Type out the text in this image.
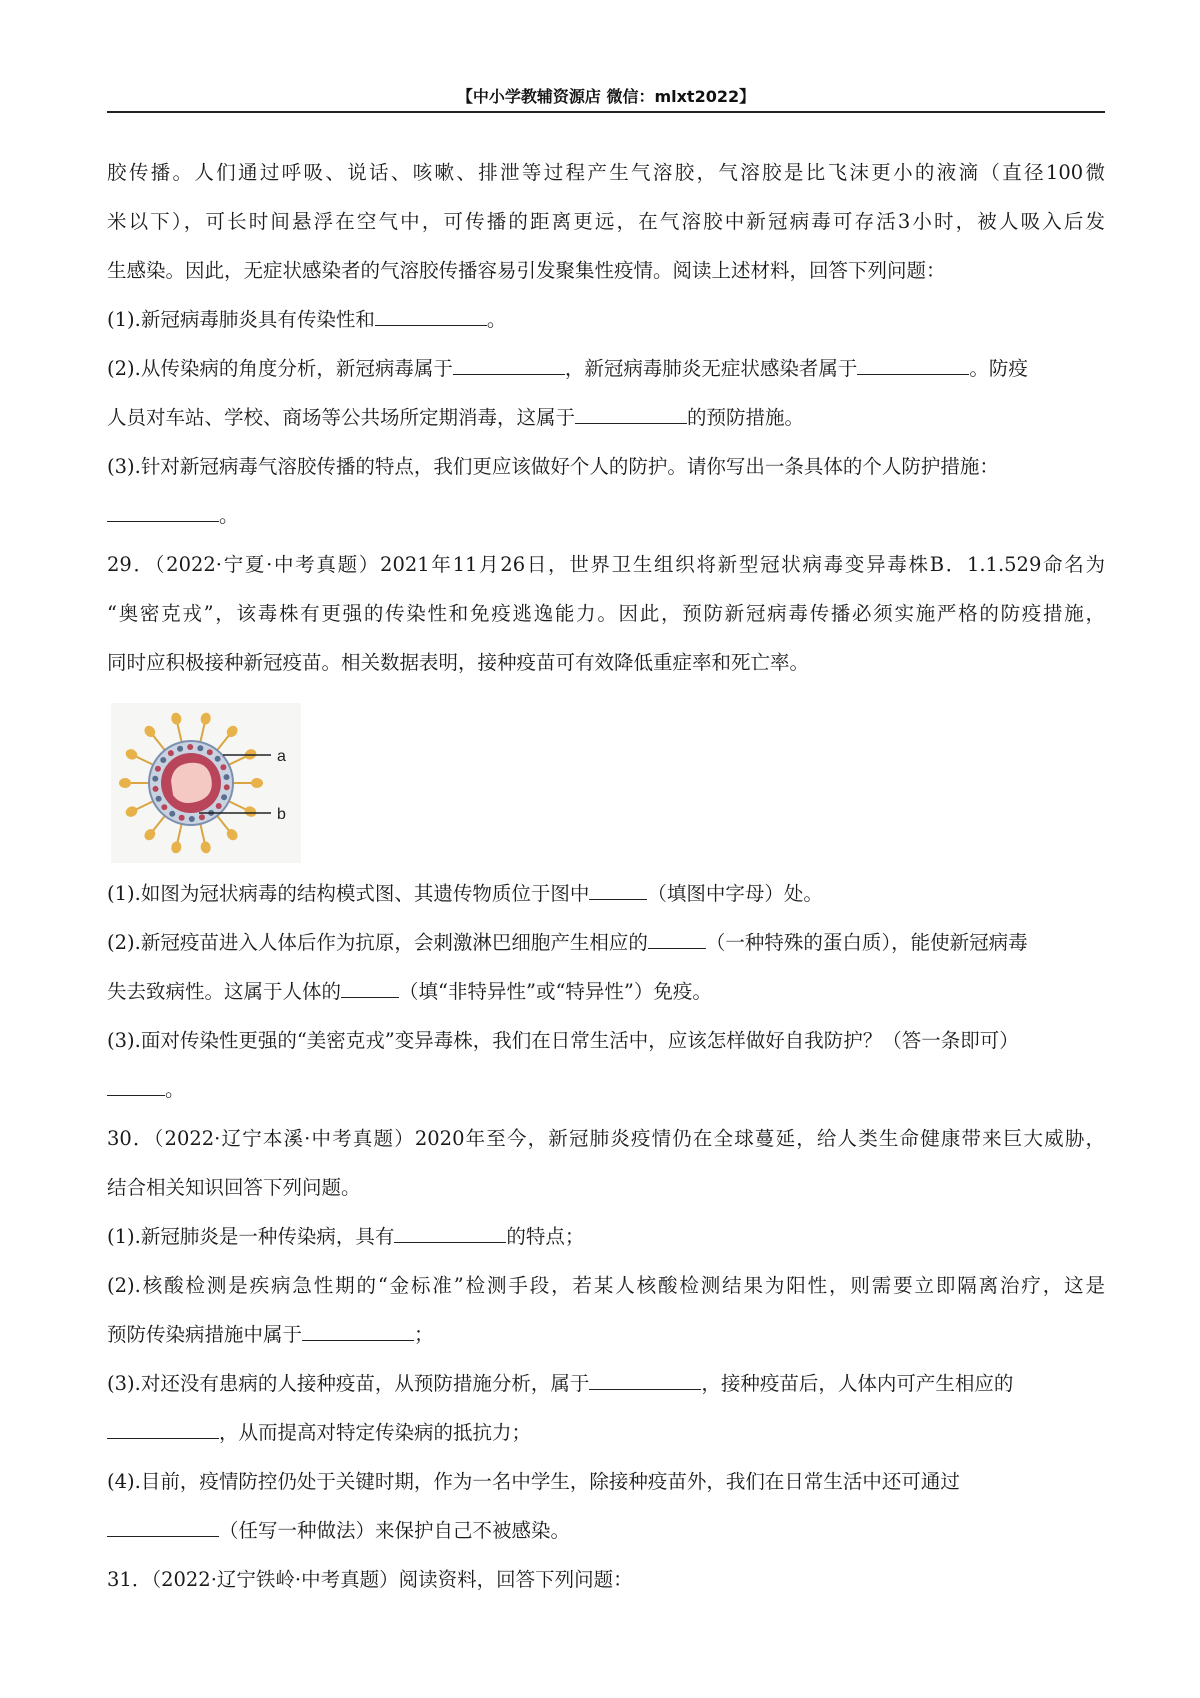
【中小学教辅资源店 微信：mlxt2022】
胶传播。人们通过呼吸、说话、咳嗽、排泄等过程产生气溶胶，气溶胶是比飞沫更小的液滴（直径100微
米以下），可长时间悬浮在空气中，可传播的距离更远，在气溶胶中新冠病毒可存活3小时，被人吸入后发
生感染。因此，无症状感染者的气溶胶传播容易引发聚集性疫情。阅读上述材料，回答下列问题：
(1).新冠病毒肺炎具有传染性和	。
(2).从传染病的角度分析，新冠病毒属于	，新冠病毒肺炎无症状感染者属于	。防疫
人员对车站、学校、商场等公共场所定期消毒，这属于	的预防措施。
(3).针对新冠病毒气溶胶传播的特点，我们更应该做好个人的防护。请你写出一条具体的个人防护措施：
。
29．（2022·宁夏·中考真题）2021年11月26日，世界卫生组织将新型冠状病毒变异毒株B．1.1.529命名为
“奥密克戎”，该毒株有更强的传染性和免疫逃逸能力。因此，预防新冠病毒传播必须实施严格的防疫措施，
同时应积极接种新冠疫苗。相关数据表明，接种疫苗可有效降低重症率和死亡率。
a
b
(1).如图为冠状病毒的结构模式图、其遗传物质位于图中	（填图中字母）处。
(2).新冠疫苗进入人体后作为抗原，会刺激淋巴细胞产生相应的	（一种特殊的蛋白质），能使新冠病毒
失去致病性。这属于人体的	（填“非特异性”或“特异性”）免疫。
(3).面对传染性更强的“美密克戎”变异毒株，我们在日常生活中，应该怎样做好自我防护？（答一条即可）
。
30．（2022·辽宁本溪·中考真题）2020年至今，新冠肺炎疫情仍在全球蔓延，给人类生命健康带来巨大威胁，
结合相关知识回答下列问题。
(1).新冠肺炎是一种传染病，具有	的特点；
(2).核酸检测是疾病急性期的“金标准”检测手段，若某人核酸检测结果为阳性，则需要立即隔离治疗，这是
预防传染病措施中属于	；
(3).对还没有患病的人接种疫苗，从预防措施分析，属于	，接种疫苗后，人体内可产生相应的
，从而提高对特定传染病的抵抗力；
(4).目前，疫情防控仍处于关键时期，作为一名中学生，除接种疫苗外，我们在日常生活中还可通过
（任写一种做法）来保护自己不被感染。
31．（2022·辽宁铁岭·中考真题）阅读资料，回答下列问题：
